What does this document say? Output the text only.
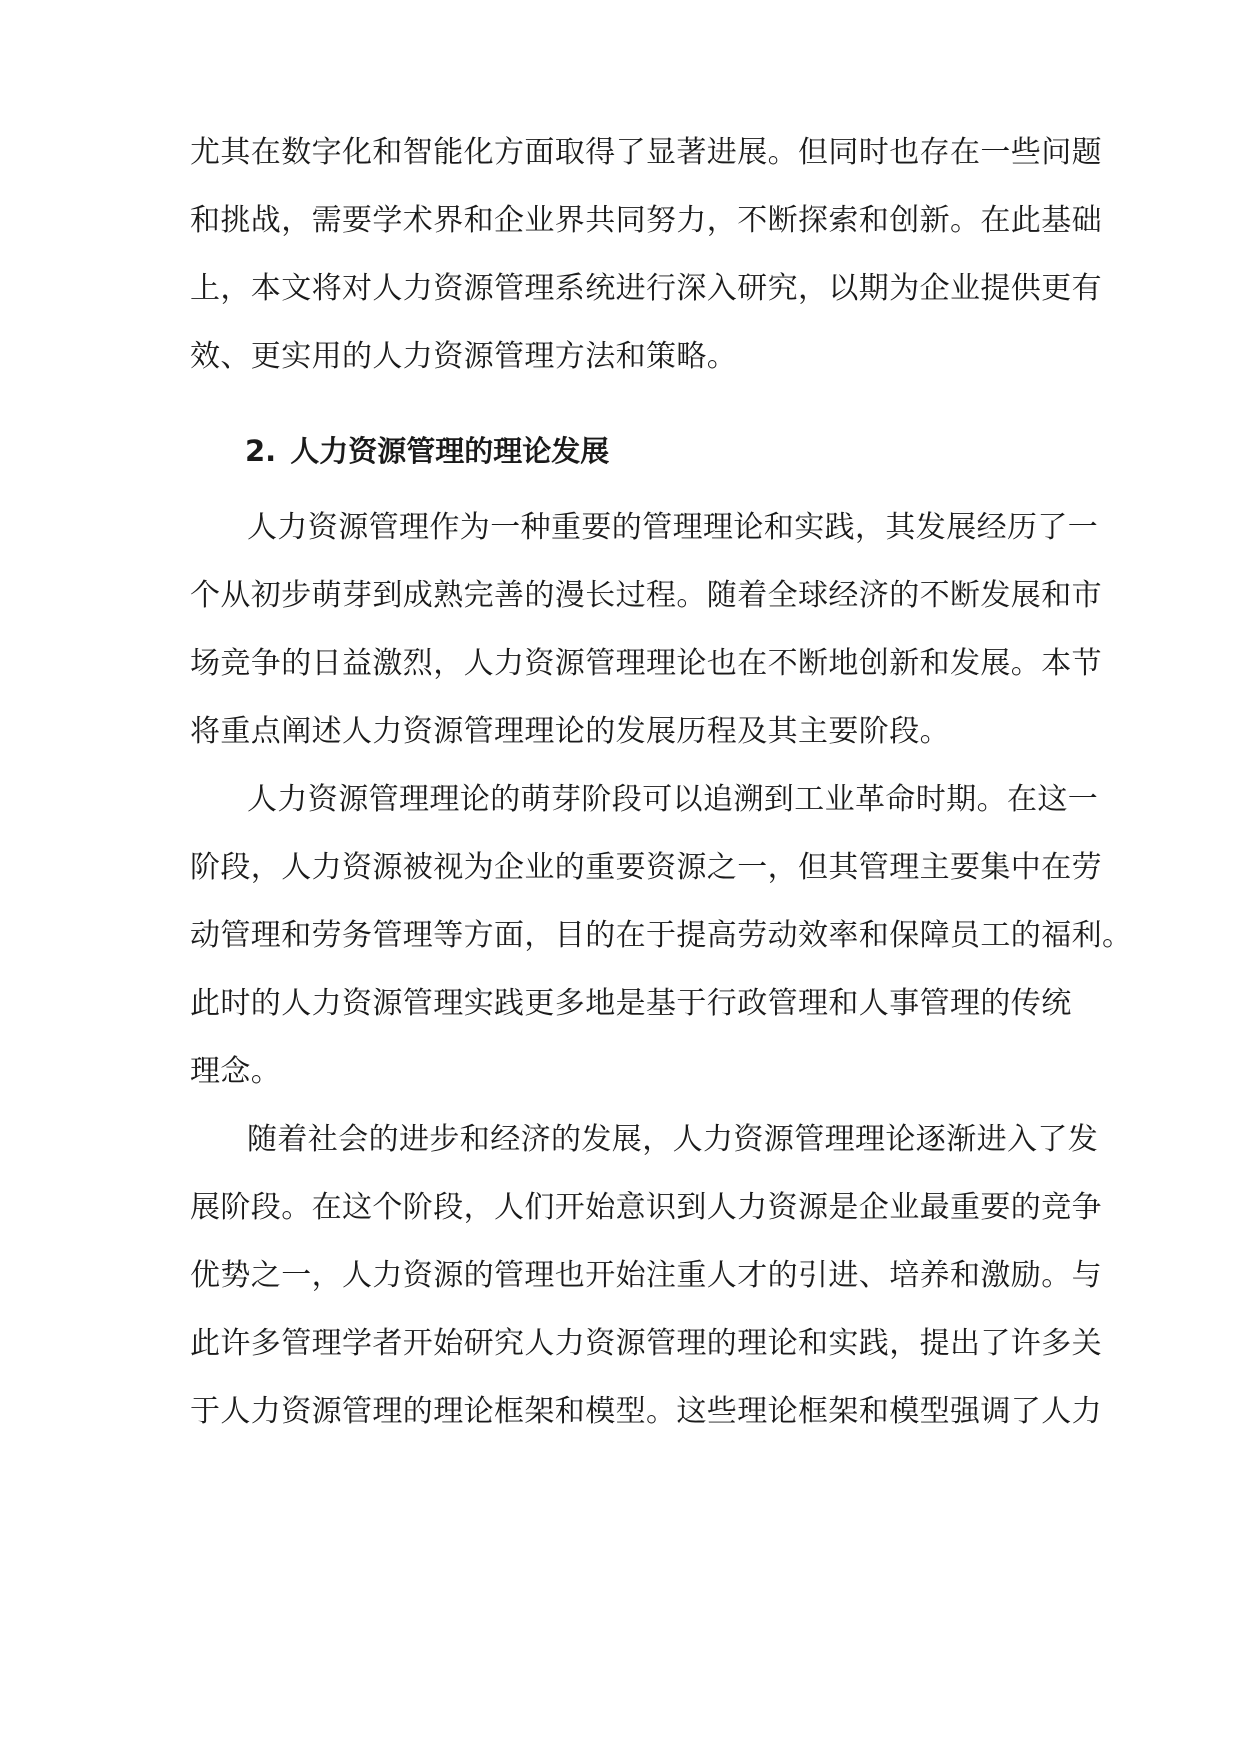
尤其在数字化和智能化方面取得了显著进展。但同时也存在一些问题
和挑战，需要学术界和企业界共同努力，不断探索和创新。在此基础
上，本文将对人力资源管理系统进行深入研究，以期为企业提供更有
效、更实用的人力资源管理方法和策略。
2. 人力资源管理的理论发展
人力资源管理作为一种重要的管理理论和实践，其发展经历了一
个从初步萌芽到成熟完善的漫长过程。随着全球经济的不断发展和市
场竞争的日益激烈，人力资源管理理论也在不断地创新和发展。本节
将重点阐述人力资源管理理论的发展历程及其主要阶段。
人力资源管理理论的萌芽阶段可以追溯到工业革命时期。在这一
阶段，人力资源被视为企业的重要资源之一，但其管理主要集中在劳
动管理和劳务管理等方面，目的在于提高劳动效率和保障员工的福利。
此时的人力资源管理实践更多地是基于行政管理和人事管理的传统
理念。
随着社会的进步和经济的发展，人力资源管理理论逐渐进入了发
展阶段。在这个阶段，人们开始意识到人力资源是企业最重要的竞争
优势之一，人力资源的管理也开始注重人才的引进、培养和激励。与
此许多管理学者开始研究人力资源管理的理论和实践，提出了许多关
于人力资源管理的理论框架和模型。这些理论框架和模型强调了人力
